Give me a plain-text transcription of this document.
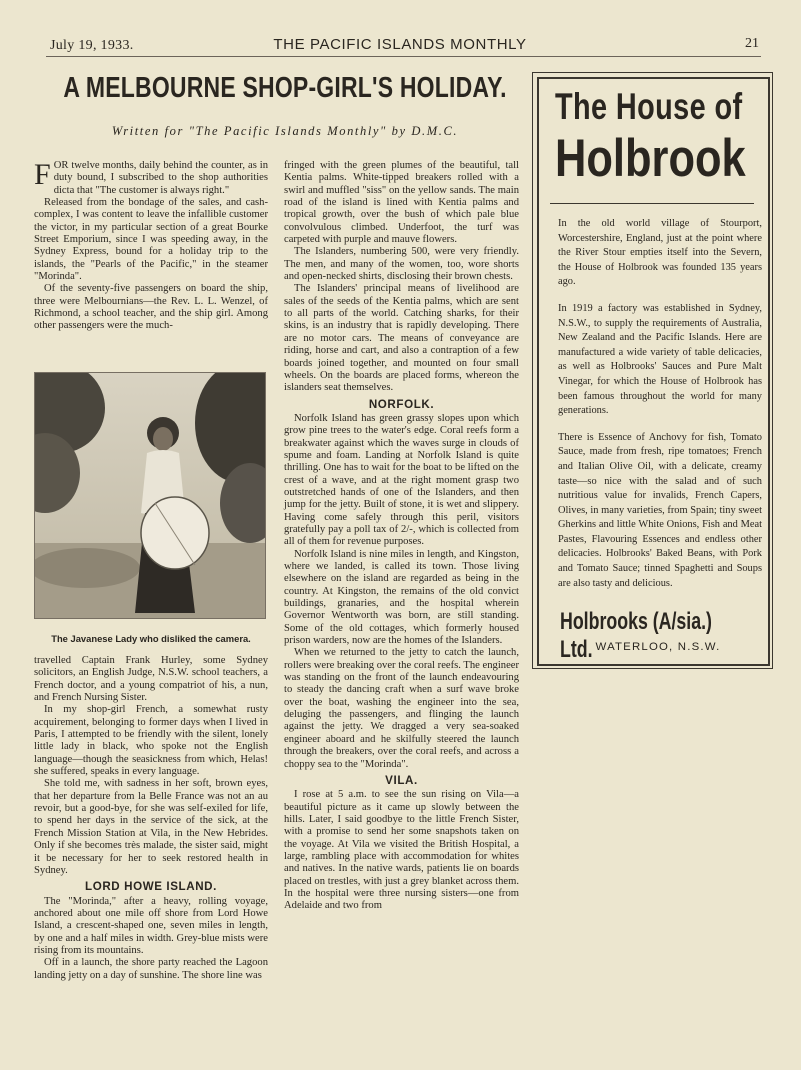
July 19, 1933.	THE PACIFIC ISLANDS MONTHLY	21
A MELBOURNE SHOP-GIRL'S HOLIDAY.
Written for "The Pacific Islands Monthly" by D.M.C.
F OR twelve months, daily behind the counter, as in duty bound, I subscribed to the shop authorities dicta that "The customer is always right."

Released from the bondage of the sales, and cash-complex, I was content to leave the infallible customer the victor, in my particular section of a great Bourke Street Emporium, since I was speeding away, in the Sydney Express, bound for a holiday trip to the islands, the "Pearls of the Pacific," in the steamer "Morinda".

Of the seventy-five passengers on board the ship, three were Melbournians—the Rev. L. L. Wenzel, of Richmond, a school teacher, and the ship girl. Among other passengers were the much-

The Javanese Lady who disliked the camera.

travelled Captain Frank Hurley, some Sydney solicitors, an English Judge, N.S.W. school teachers, a French doctor, and a young compatriot of his, a nun, and French Nursing Sister.

In my shop-girl French, a somewhat rusty acquirement, belonging to former days when I lived in Paris, I attempted to be friendly with the silent, lonely little lady in black, who spoke not the English language—though the seasickness from which, Helas! she suffered, speaks in every language.

She told me, with sadness in her soft, brown eyes, that her departure from la Belle France was not an au revoir, but a good-bye, for she was self-exiled for life, to spend her days in the service of the sick, at the French Mission Station at Vila, in the New Hebrides. Only if she becomes très malade, the sister said, might it be necessary for her to seek restored health in Sydney.

LORD HOWE ISLAND.

The "Morinda," after a heavy, rolling voyage, anchored about one mile off shore from Lord Howe Island, a crescent-shaped one, seven miles in length, by one and a half miles in width. Grey-blue mists were rising from its mountains.

Off in a launch, the shore party reached the Lagoon landing jetty on a day of sunshine. The shore line was

fringed with the green plumes of the beautiful, tall Kentia palms. White-tipped breakers rolled with a swirl and muffled "siss" on the yellow sands. The main road of the island is lined with Kentia palms and tropical growth, over the bush of which pale blue convolvulous climbed. Underfoot, the turf was carpeted with purple and mauve flowers.

The Islanders, numbering 500, were very friendly. The men, and many of the women, too, wore shorts and open-necked shirts, disclosing their brown chests.

The Islanders' principal means of livelihood are sales of the seeds of the Kentia palms, which are sent to all parts of the world. Catching sharks, for their skins, is an industry that is rapidly developing. There are no motor cars. The means of conveyance are riding, horse and cart, and also a contraption of a few boards joined together, and mounted on four small wheels. On the boards are placed forms, whereon the islanders seat themselves.

NORFOLK.

Norfolk Island has green grassy slopes upon which grow pine trees to the water's edge. Coral reefs form a breakwater against which the waves surge in clouds of spume and foam. Landing at Norfolk Island is quite thrilling. One has to wait for the boat to be lifted on the crest of a wave, and at the right moment grasp two outstretched hands of one of the Islanders, and then jump for the jetty. Built of stone, it is wet and slippery. Having come safely through this peril, visitors gratefully pay a poll tax of 2/-, which is collected from all of them for revenue purposes.

Norfolk Island is nine miles in length, and Kingston, where we landed, is called its town. Those living elsewhere on the island are regarded as being in the country. At Kingston, the remains of the old convict buildings, granaries, and the hospital wherein Governor Wentworth was born, are still standing. Some of the old cottages, which formerly housed prison warders, now are the homes of the Islanders.

When we returned to the jetty to catch the launch, rollers were breaking over the coral reefs. The engineer was standing on the front of the launch endeavouring to steady the dancing craft when a surf wave broke over the boat, washing the engineer into the sea, deluging the passengers, and flinging the launch against the jetty. We dragged a very sea-soaked engineer aboard and he skilfully steered the launch through the breakers, over the coral reefs, and across a choppy sea to the "Morinda".

VILA.

I rose at 5 a.m. to see the sun rising on Vila—a beautiful picture as it came up slowly between the hills. Later, I said goodbye to the little French Sister, with a promise to send her some snapshots taken on the voyage. At Vila we visited the British Hospital, a large, rambling place with accommodation for whites and natives. In the native wards, patients lie on boards placed on trestles, with just a grey blanket across them. In the hospital were three nursing sisters—one from Adelaide and two from

The House of
Holbrook

In the old world village of Stourport, Worcestershire, England, just at the point where the River Stour empties itself into the Severn, the House of Holbrook was founded 135 years ago.

In 1919 a factory was established in Sydney, N.S.W., to supply the requirements of Australia, New Zealand and the Pacific Islands. Here are manufactured a wide variety of table delicacies, as well as Holbrooks' Sauces and Pure Malt Vinegar, for which the House of Holbrook has been famous throughout the world for many generations.

There is Essence of Anchovy for fish, Tomato Sauce, made from fresh, ripe tomatoes; French and Italian Olive Oil, with a delicate, creamy taste—so nice with the salad and of such nutritious value for invalids, French Capers, Olives, in many varieties, from Spain; tiny sweet Gherkins and little White Onions, Fish and Meat Pastes, Flavouring Essences and endless other delicacies. Holbrooks' Baked Beans, with Pork and Tomato Sauce; tinned Spaghetti and Soups are also tasty and delicious.

Holbrooks (A/sia.) Ltd. WATERLOO, N.S.W.
